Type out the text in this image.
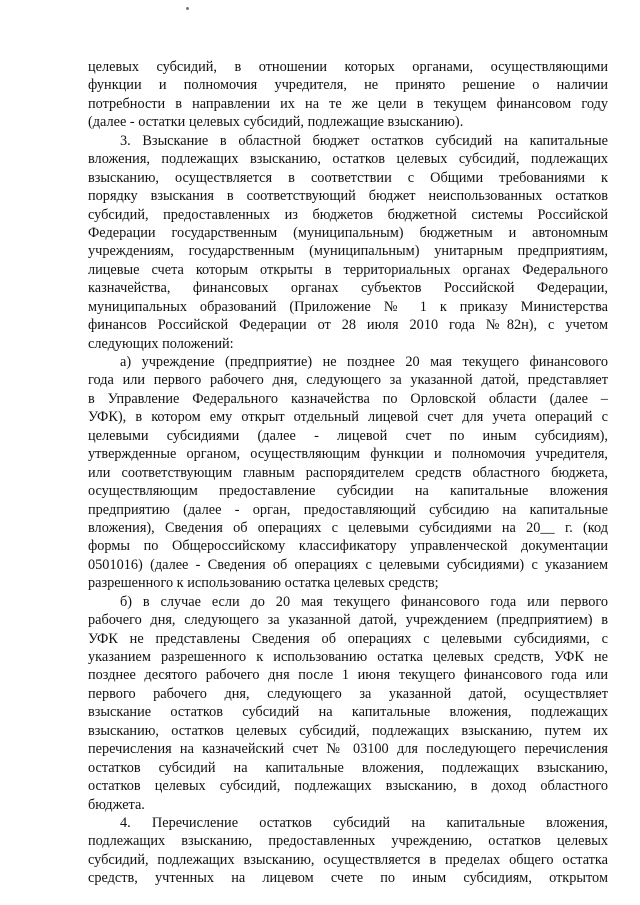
целевых субсидий, в отношении которых органами, осуществляющими
функции и полномочия учредителя, не принято решение о наличии
потребности в направлении их на те же цели в текущем финансовом году
(далее - остатки целевых субсидий, подлежащие взысканию).
3. Взыскание в областной бюджет остатков субсидий на капитальные
вложения, подлежащих взысканию, остатков целевых субсидий, подлежащих
взысканию, осуществляется в соответствии с Общими требованиями к
порядку взыскания в соответствующий бюджет неиспользованных остатков
субсидий, предоставленных из бюджетов бюджетной системы Российской
Федерации государственным (муниципальным) бюджетным и автономным
учреждениям, государственным (муниципальным) унитарным предприятиям,
лицевые счета которым открыты в территориальных органах Федерального
казначейства, финансовых органах субъектов Российской Федерации,
муниципальных образований (Приложение № 1 к приказу Министерства
финансов Российской Федерации от 28 июля 2010 года №82н), с учетом
следующих положений:
а) учреждение (предприятие) не позднее 20 мая текущего финансового
года или первого рабочего дня, следующего за указанной датой, представляет
в Управление Федерального казначейства по Орловской области (далее –
УФК), в котором ему открыт отдельный лицевой счет для учета операций с
целевыми субсидиями (далее - лицевой счет по иным субсидиям),
утвержденные органом, осуществляющим функции и полномочия учредителя,
или соответствующим главным распорядителем средств областного бюджета,
осуществляющим предоставление субсидии на капитальные вложения
предприятию (далее - орган, предоставляющий субсидию на капитальные
вложения), Сведения об операциях с целевыми субсидиями на 20__ г. (код
формы по Общероссийскому классификатору управленческой документации
0501016) (далее - Сведения об операциях с целевыми субсидиями) с указанием
разрешенного к использованию остатка целевых средств;
б) в случае если до 20 мая текущего финансового года или первого
рабочего дня, следующего за указанной датой, учреждением (предприятием) в
УФК не представлены Сведения об операциях с целевыми субсидиями, с
указанием разрешенного к использованию остатка целевых средств, УФК не
позднее десятого рабочего дня после 1 июня текущего финансового года или
первого рабочего дня, следующего за указанной датой, осуществляет
взыскание остатков субсидий на капитальные вложения, подлежащих
взысканию, остатков целевых субсидий, подлежащих взысканию, путем их
перечисления на казначейский счет № 03100 для последующего перечисления
остатков субсидий на капитальные вложения, подлежащих взысканию,
остатков целевых субсидий, подлежащих взысканию, в доход областного
бюджета.
4. Перечисление остатков субсидий на капитальные вложения,
подлежащих взысканию, предоставленных учреждению, остатков целевых
субсидий, подлежащих взысканию, осуществляется в пределах общего остатка
средств, учтенных на лицевом счете по иным субсидиям, открытом
